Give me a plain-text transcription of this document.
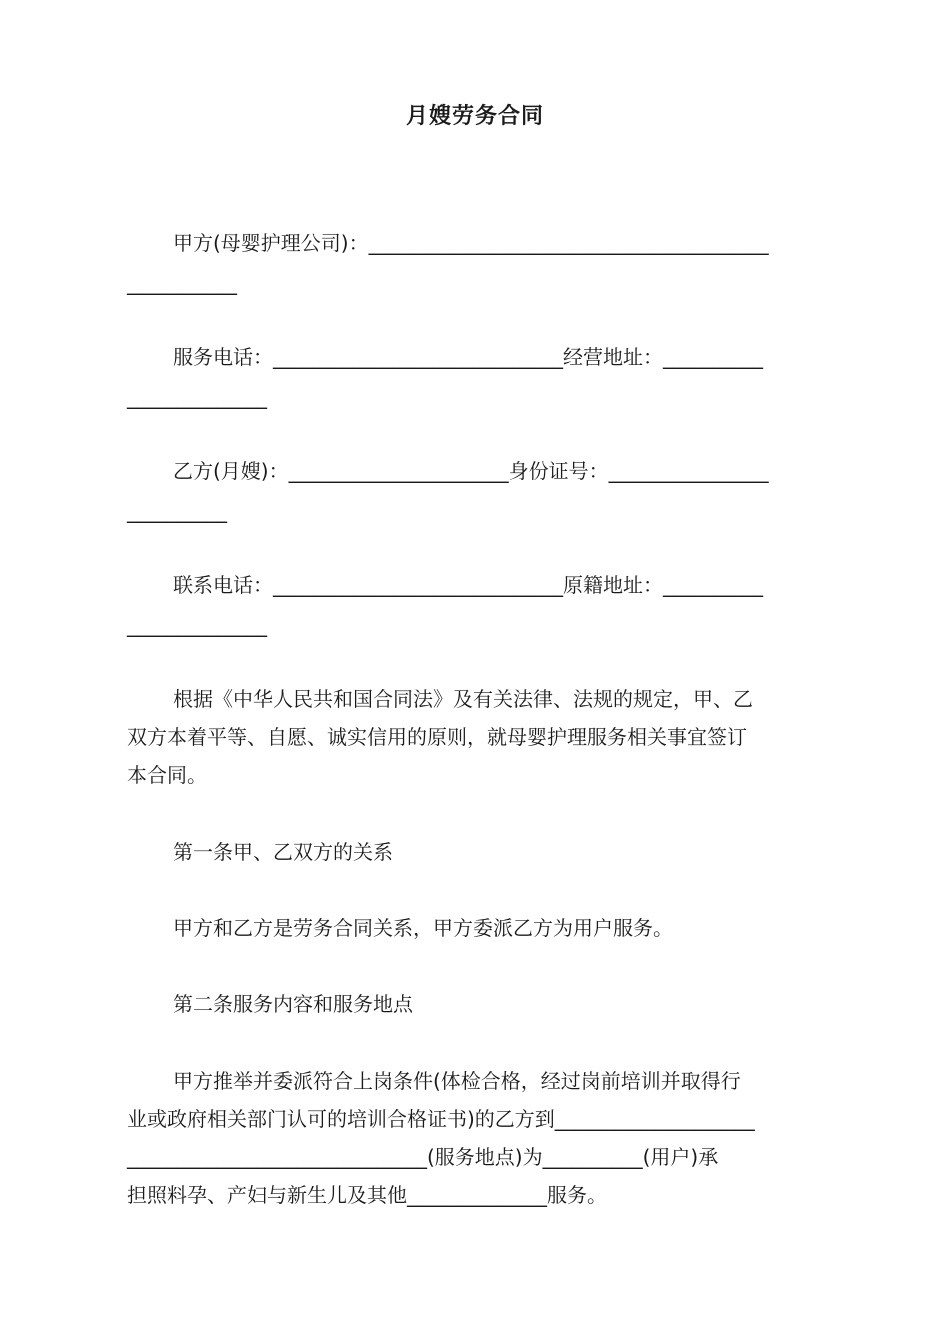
月嫂劳务合同
甲方(母婴护理公司)：________________________________________
___________
服务电话：_____________________________经营地址：__________
______________
乙方(月嫂)：______________________身份证号：________________
__________
联系电话：_____________________________原籍地址：__________
______________
根据《中华人民共和国合同法》及有关法律、法规的规定，甲、乙
双方本着平等、自愿、诚实信用的原则，就母婴护理服务相关事宜签订
本合同。
第一条甲、乙双方的关系
甲方和乙方是劳务合同关系，甲方委派乙方为用户服务。
第二条服务内容和服务地点
甲方推举并委派符合上岗条件(体检合格，经过岗前培训并取得行
业或政府相关部门认可的培训合格证书)的乙方到____________________
______________________________(服务地点)为__________(用户)承
担照料孕、产妇与新生儿及其他______________服务。
